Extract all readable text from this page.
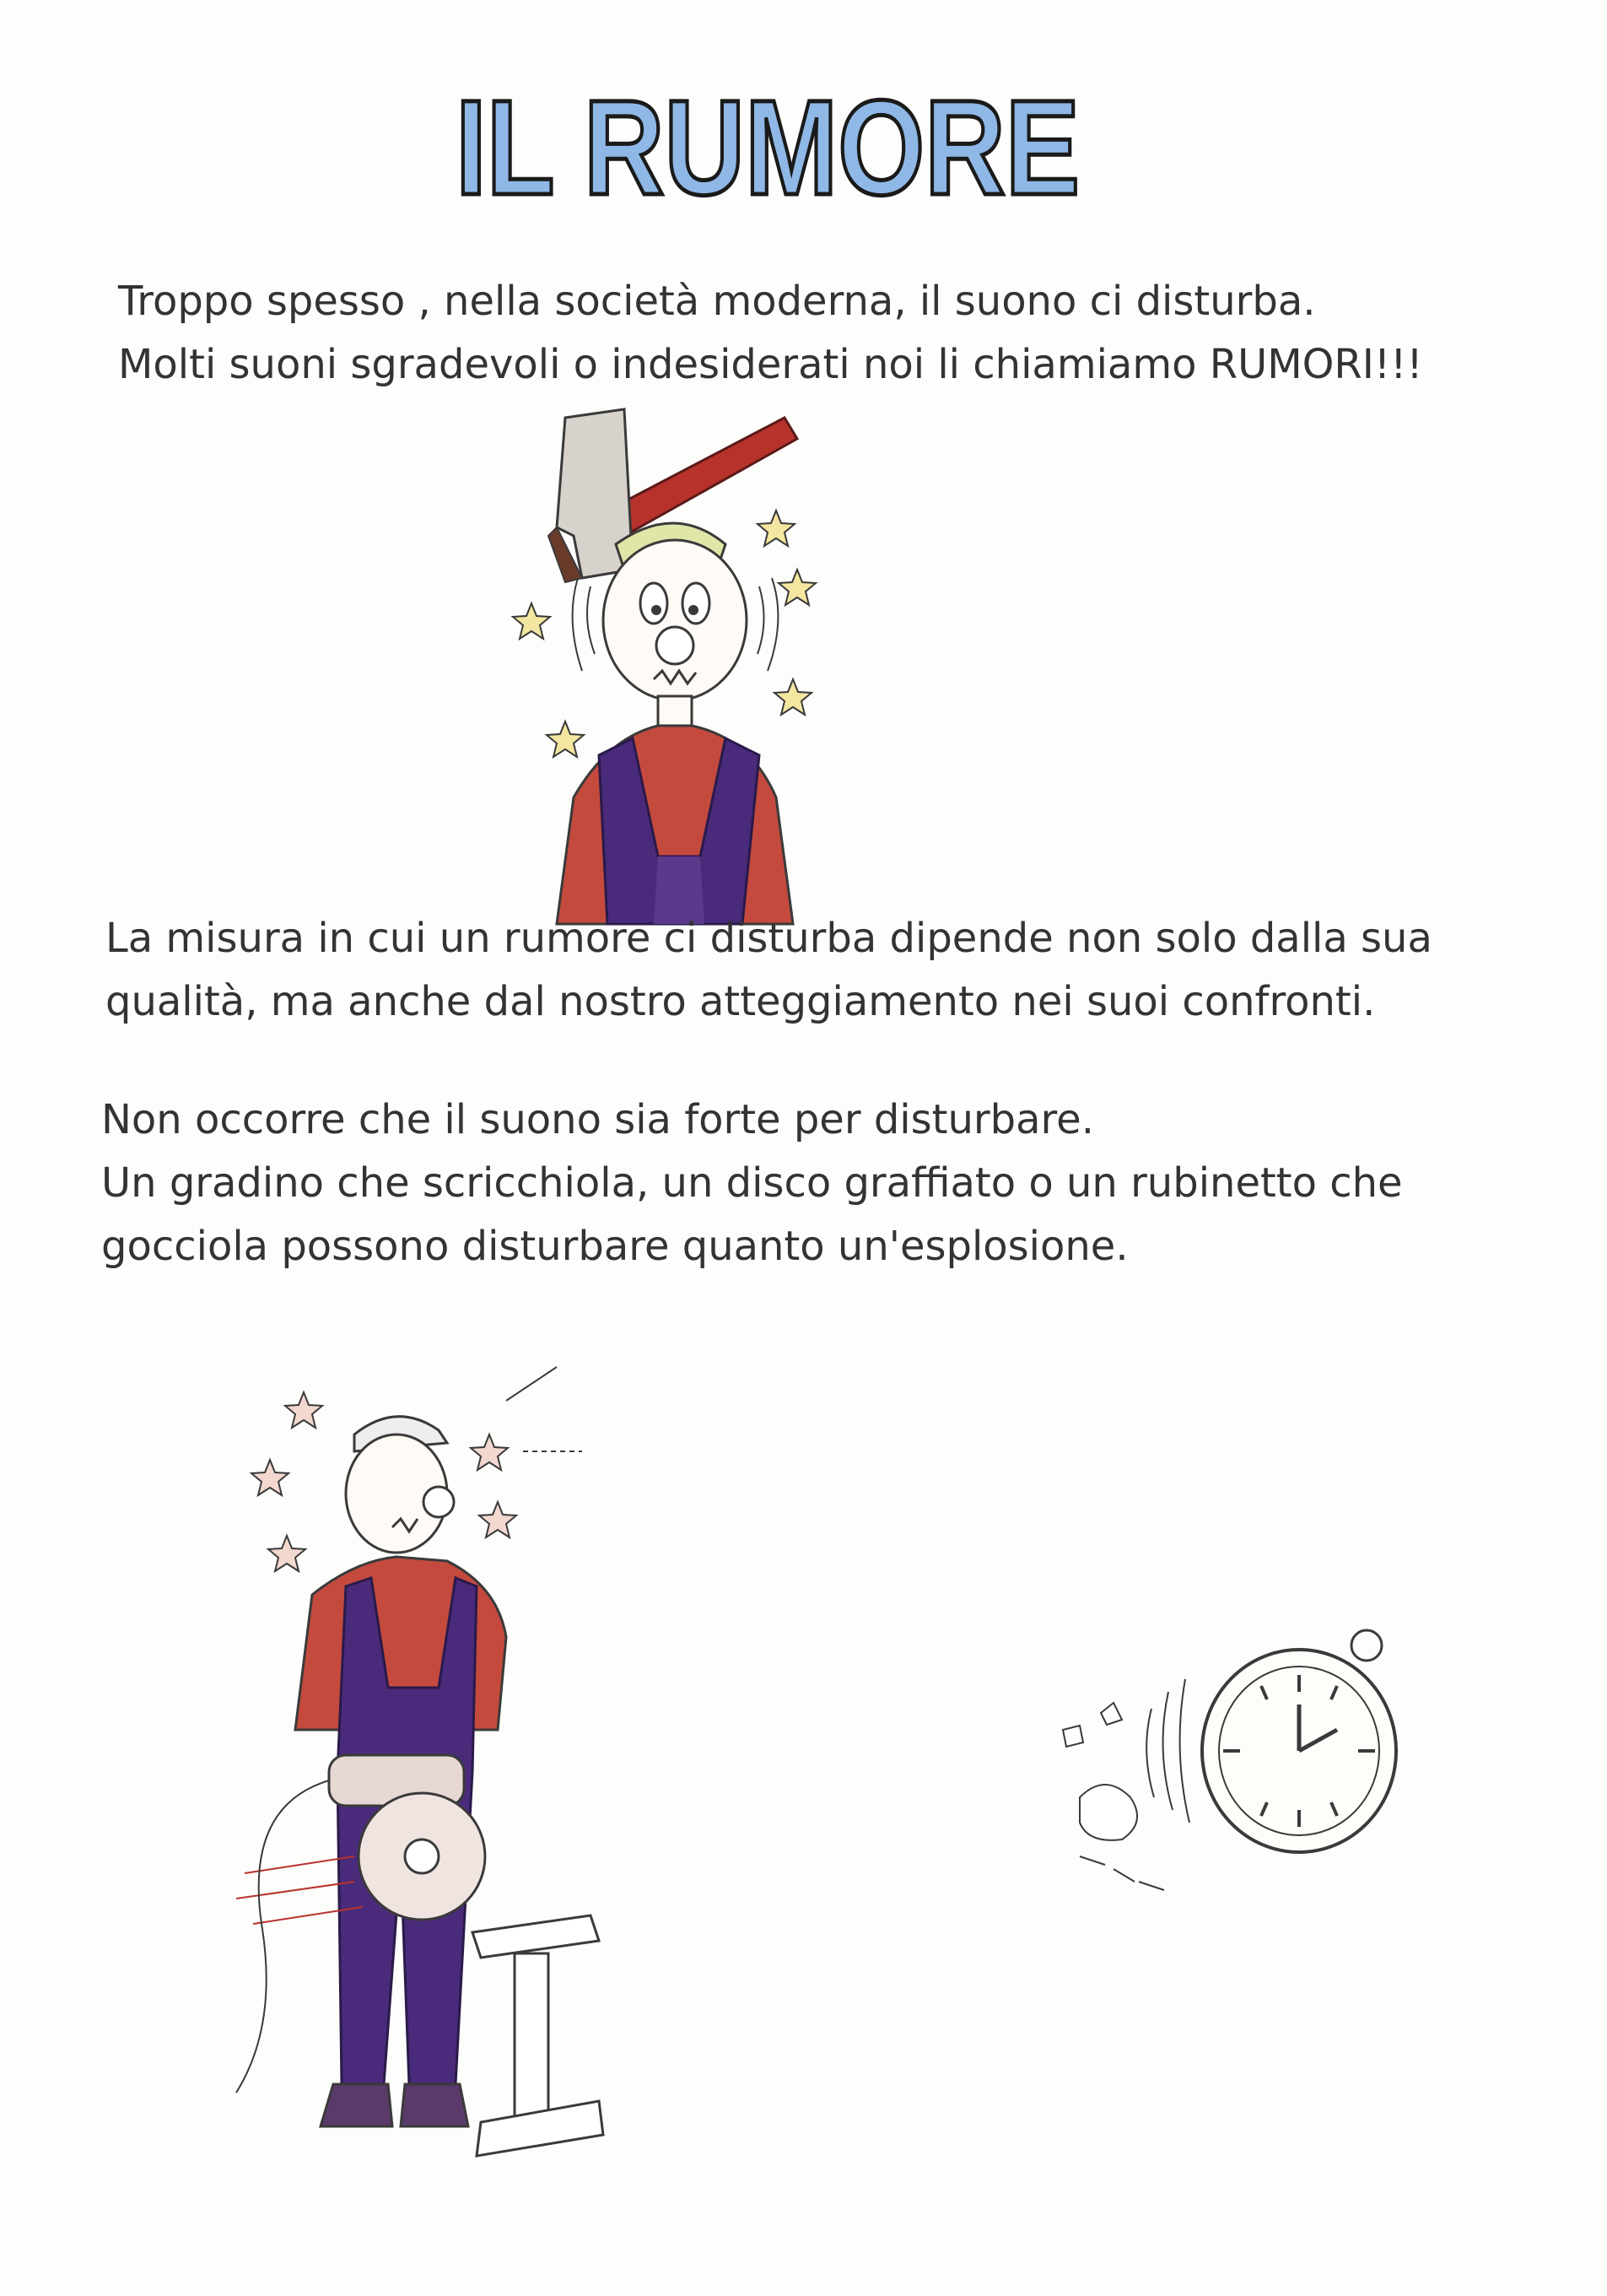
IL RUMORE

Troppo spesso , nella società moderna, il suono ci disturba.
Molti suoni sgradevoli o indesiderati noi li chiamiamo RUMORI!!!

La misura in cui un rumore ci disturba dipende non solo dalla sua
qualità, ma anche dal nostro atteggiamento nei suoi confronti.

Non occorre che il suono sia forte per disturbare.
Un gradino che scricchiola, un disco graffiato o un rubinetto che
gocciola possono disturbare quanto un'esplosione.
